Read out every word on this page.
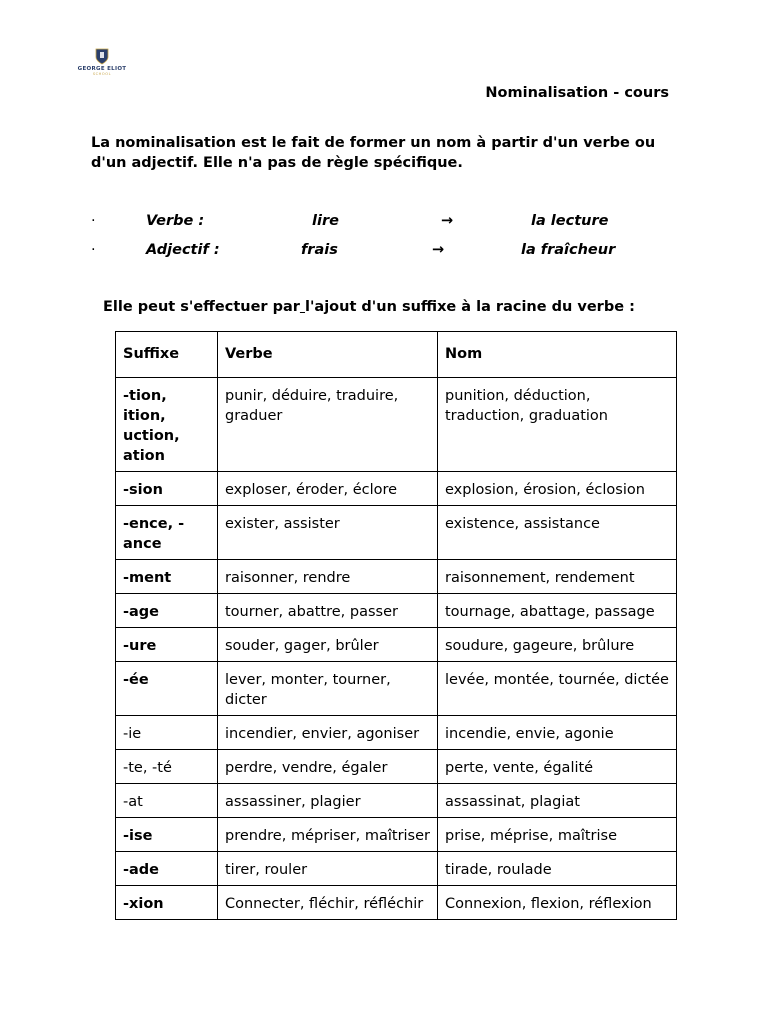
GEORGE ELIOT
SCHOOL
Nominalisation - cours
La nominalisation est le fait de former un nom à partir d'un verbe ou d'un adjectif. Elle n'a pas de règle spécifique.
·	Verbe :	lire	→	la lecture
·	Adjectif :	frais	→	la fraîcheur
Elle peut s'effectuer par l'ajout d'un suffixe à la racine du verbe :
Suffixe	Verbe	Nom
-tion, ition, uction, ation	punir, déduire, traduire, graduer	punition, déduction, traduction, graduation
-sion	exploser, éroder, éclore	explosion, érosion, éclosion
-ence, -ance	exister, assister	existence, assistance
-ment	raisonner, rendre	raisonnement, rendement
-age	tourner, abattre, passer	tournage, abattage, passage
-ure	souder, gager, brûler	soudure, gageure, brûlure
-ée	lever, monter, tourner, dicter	levée, montée, tournée, dictée
-ie	incendier, envier, agoniser	incendie, envie, agonie
-te, -té	perdre, vendre, égaler	perte, vente, égalité
-at	assassiner, plagier	assassinat, plagiat
-ise	prendre, mépriser, maîtriser	prise, méprise, maîtrise
-ade	tirer, rouler	tirade, roulade
-xion	Connecter, fléchir, réfléchir	Connexion, flexion, réflexion
